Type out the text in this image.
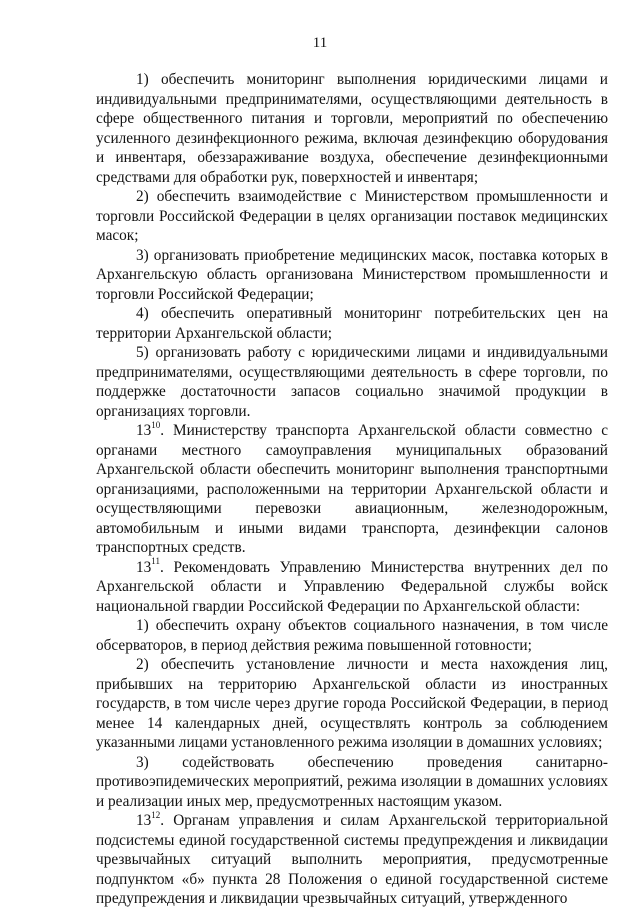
11

1) обеспечить мониторинг выполнения юридическими лицами и индивидуальными предпринимателями, осуществляющими деятельность в сфере общественного питания и торговли, мероприятий по обеспечению усиленного дезинфекционного режима, включая дезинфекцию оборудования и инвентаря, обеззараживание воздуха, обеспечение дезинфекционными средствами для обработки рук, поверхностей и инвентаря;

2) обеспечить взаимодействие с Министерством промышленности и торговли Российской Федерации в целях организации поставок медицинских масок;

3) организовать приобретение медицинских масок, поставка которых в Архангельскую область организована Министерством промышленности и торговли Российской Федерации;

4) обеспечить оперативный мониторинг потребительских цен на территории Архангельской области;

5) организовать работу с юридическими лицами и индивидуальными предпринимателями, осуществляющими деятельность в сфере торговли, по поддержке достаточности запасов социально значимой продукции в организациях торговли.

$13^{10}$. Министерству транспорта Архангельской области совместно с органами местного самоуправления муниципальных образований Архангельской области обеспечить мониторинг выполнения транспортными организациями, расположенными на территории Архангельской области и осуществляющими перевозки авиационным, железнодорожным, автомобильным и иными видами транспорта, дезинфекции салонов транспортных средств.

$13^{11}$. Рекомендовать Управлению Министерства внутренних дел по Архангельской области и Управлению Федеральной службы войск национальной гвардии Российской Федерации по Архангельской области:

1) обеспечить охрану объектов социального назначения, в том числе обсерваторов, в период действия режима повышенной готовности;

2) обеспечить установление личности и места нахождения лиц, прибывших на территорию Архангельской области из иностранных государств, в том числе через другие города Российской Федерации, в период менее 14 календарных дней, осуществлять контроль за соблюдением указанными лицами установленного режима изоляции в домашних условиях;

3) содействовать обеспечению проведения санитарно-противоэпидемических мероприятий, режима изоляции в домашних условиях и реализации иных мер, предусмотренных настоящим указом.

$13^{12}$. Органам управления и силам Архангельской территориальной подсистемы единой государственной системы предупреждения и ликвидации чрезвычайных ситуаций выполнить мероприятия, предусмотренные подпунктом «б» пункта 28 Положения о единой государственной системе предупреждения и ликвидации чрезвычайных ситуаций, утвержденного
